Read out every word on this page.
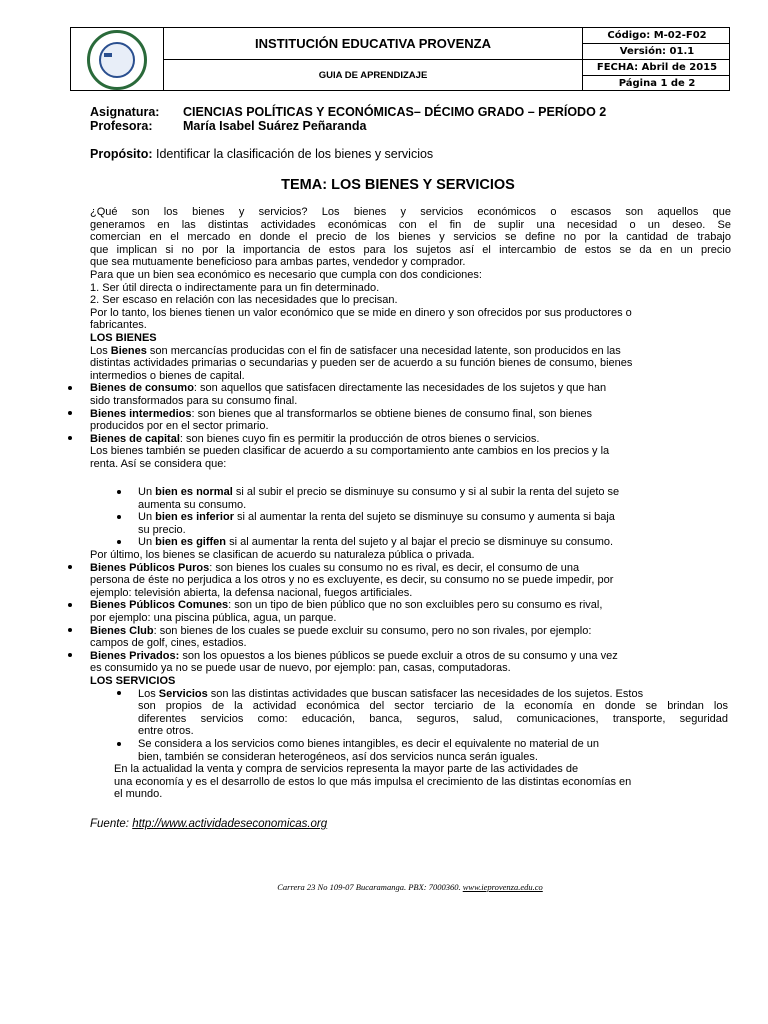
INSTITUCIÓN EDUCATIVA PROVENZA
GUIA DE APRENDIZAJE
Código: M-02-F02
Versión: 01.1
FECHA: Abril de 2015
Página 1 de 2
Asignatura: CIENCIAS POLÍTICAS Y ECONÓMICAS– DÉCIMO GRADO – PERÍODO 2
Profesora: María Isabel Suárez Peñaranda
Propósito: Identificar la clasificación de los bienes y servicios
TEMA: LOS BIENES Y SERVICIOS
¿Qué son los bienes y servicios? Los bienes y servicios económicos o escasos son aquellos que
generamos en las distintas actividades económicas con el fin de suplir una necesidad o un deseo. Se
comercian en el mercado en donde el precio de los bienes y servicios se define no por la cantidad de trabajo
que implican si no por la importancia de estos para los sujetos así el intercambio de estos se da en un precio
que sea mutuamente beneficioso para ambas partes, vendedor y comprador.
Para que un bien sea económico es necesario que cumpla con dos condiciones:
1. Ser útil directa o indirectamente para un fin determinado.
2. Ser escaso en relación con las necesidades que lo precisan.
Por lo tanto, los bienes tienen un valor económico que se mide en dinero y son ofrecidos por sus productores o
fabricantes.
LOS BIENES
Los Bienes son mercancías producidas con el fin de satisfacer una necesidad latente, son producidos en las
distintas actividades primarias o secundarias y pueden ser de acuerdo a su función bienes de consumo, bienes
intermedios o bienes de capital.
Bienes de consumo: son aquellos que satisfacen directamente las necesidades de los sujetos y que han
sido transformados para su consumo final.
Bienes intermedios: son bienes que al transformarlos se obtiene bienes de consumo final, son bienes
producidos por en el sector primario.
Bienes de capital: son bienes cuyo fin es permitir la producción de otros bienes o servicios.
Los bienes también se pueden clasificar de acuerdo a su comportamiento ante cambios en los precios y la
renta. Así se considera que:
Un bien es normal si al subir el precio se disminuye su consumo y si al subir la renta del sujeto se
aumenta su consumo.
Un bien es inferior si al aumentar la renta del sujeto se disminuye su consumo y aumenta si baja
su precio.
Un bien es giffen si al aumentar la renta del sujeto y al bajar el precio se disminuye su consumo.
Por último, los bienes se clasifican de acuerdo su naturaleza pública o privada.
Bienes Públicos Puros: son bienes los cuales su consumo no es rival, es decir, el consumo de una
persona de éste no perjudica a los otros y no es excluyente, es decir, su consumo no se puede impedir, por
ejemplo: televisión abierta, la defensa nacional, fuegos artificiales.
Bienes Públicos Comunes: son un tipo de bien público que no son excluibles pero su consumo es rival,
por ejemplo: una piscina pública, agua, un parque.
Bienes Club: son bienes de los cuales se puede excluir su consumo, pero no son rivales, por ejemplo:
campos de golf, cines, estadios.
Bienes Privados: son los opuestos a los bienes públicos se puede excluir a otros de su consumo y una vez
es consumido ya no se puede usar de nuevo, por ejemplo: pan, casas, computadoras.
LOS SERVICIOS
Los Servicios son las distintas actividades que buscan satisfacer las necesidades de los sujetos. Estos
son propios de la actividad económica del sector terciario de la economía en donde se brindan los
diferentes servicios como: educación, banca, seguros, salud, comunicaciones, transporte, seguridad
entre otros.
Se considera a los servicios como bienes intangibles, es decir el equivalente no material de un
bien, también se consideran heterogéneos, así dos servicios nunca serán iguales.
En la actualidad la venta y compra de servicios representa la mayor parte de las actividades de
una economía y es el desarrollo de estos lo que más impulsa el crecimiento de las distintas economías en
el mundo.
Fuente: http://www.actividadeseconomicas.org
Carrera 23 No 109-07 Bucaramanga. PBX: 7000360. www.ieprovenza.edu.co
